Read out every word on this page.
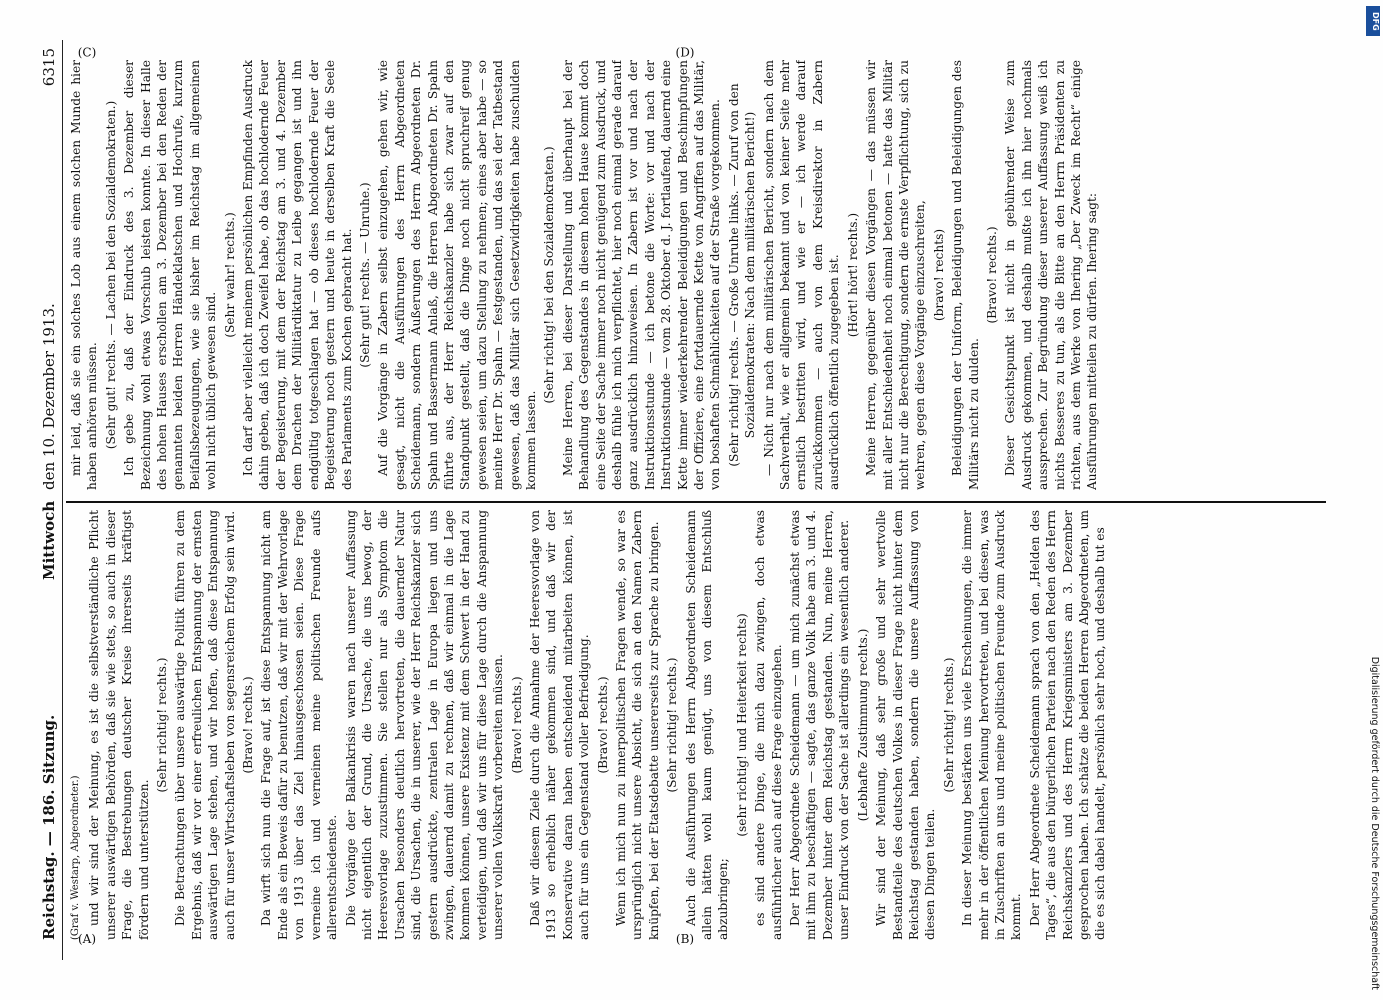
Reichstag. — 186. Sitzung.
Mittwoch
den 10. Dezember 1913.
6315
(A)	(B)
(C)	(D)

(Graf v. Westarp, Abgeordneter.) und wir sind der Meinung, es ist die selbstverständliche Pflicht unserer auswärtigen Behörden, daß sie wie stets, so auch in dieser Frage, die Bestrebungen deutscher Kreise ihrerseits kräftigst fördern und unterstützen.

(Sehr richtig! rechts.) Die Betrachtungen über unsere auswärtige Politik führen zu dem Ergebnis, daß wir vor einer erfreulichen Entspannung der ernsten auswärtigen Lage stehen, und wir hoffen, daß diese Entspannung auch für unser Wirtschaftsleben von segensreichem Erfolg sein wird. (Bravo! rechts.) Da wirft sich nun die Frage auf, ist diese Entspannung nicht am Ende als ein Beweis dafür zu benutzen, daß wir mit der Wehrvorlage von 1913 über das Ziel hinausgeschossen seien. Diese Frage verneine ich und verneinen meine politischen Freunde aufs allerentschiedenste. Die Vorgänge der Balkankrisis waren nach unserer Auffassung nicht eigentlich der Grund, die Ursache, die uns bewog, der Heeresvorlage zuzustimmen. Sie stellen nur als Symptom die Ursachen besonders deutlich hervortreten, die dauernder Natur sind, die Ursachen, die in unserer, wie der Herr Reichskanzler sich gestern ausdrückte, zentralen Lage in Europa liegen und uns zwingen, dauernd damit zu rechnen, daß wir einmal in die Lage kommen können, unsere Existenz mit dem Schwert in der Hand zu verteidigen, und daß wir uns für diese Lage durch die Anspannung unserer vollen Volkskraft vorbereiten müssen. (Bravo! rechts.) Daß wir diesem Ziele durch die Annahme der Heeresvorlage von 1913 so erheblich näher gekommen sind, und daß wir der Konservative daran haben entscheidend mitarbeiten können, ist auch für uns ein Gegenstand voller Befriedigung. (Bravo! rechts.) Wenn ich mich nun zu innerpolitischen Fragen wende, so war es ursprünglich nicht unsere Absicht, die sich an den Namen Zabern knüpfen, bei der Etatsdebatte unsererseits zur Sprache zu bringen. (Sehr richtig! rechts.) Auch die Ausführungen des Herrn Abgeordneten Scheidemann allein hätten wohl kaum genügt, uns von diesem Entschluß abzubringen;

(sehr richtig! und Heiterkeit rechts) es sind andere Dinge, die mich dazu zwingen, doch etwas ausführlicher auch auf diese Frage einzugehen. Der Herr Abgeordnete Scheidemann — um mich zunächst etwas mit ihm zu beschäftigen — sagte, das ganze Volk habe am 3. und 4. Dezember hinter dem Reichstag gestanden. Nun, meine Herren, unser Eindruck von der Sache ist allerdings ein wesentlich anderer. (Lebhafte Zustimmung rechts.) Wir sind der Meinung, daß sehr große und sehr wertvolle Bestandteile des deutschen Volkes in dieser Frage nicht hinter dem Reichstag gestanden haben, sondern die unsere Auffassung von diesen Dingen teilen.

(Sehr richtig! rechts.) In dieser Meinung bestärken uns viele Erscheinungen, die immer mehr in der öffentlichen Meinung hervortreten, und bei diesen, was in Zuschriften an uns und meine politischen Freunde zum Ausdruck kommt. Der Herr Abgeordnete Scheidemann sprach von den „Helden des Tages“, die aus den bürgerlichen Parteien nach den Reden des Herrn Reichskanzlers und des Herrn Kriegsministers am 3. Dezember gesprochen haben. Ich schätze die beiden Herren Abgeordneten, um die es sich dabei handelt, persönlich sehr hoch, und deshalb tut es

mir leid, daß sie ein solches Lob aus einem solchen Munde hier haben anhören müssen. (Sehr gut! rechts. — Lachen bei den Sozialdemokraten.) Ich gebe zu, daß der Eindruck des 3. Dezember dieser Bezeichnung wohl etwas Vorschub leisten konnte. In dieser Halle des hohen Hauses erschollen am 3. Dezember bei den Reden der genannten beiden Herren Händeklatschen und Hochrufe, kurzum Beifallsbezeugungen, wie sie bisher im Reichstag im allgemeinen wohl nicht üblich gewesen sind.

(Sehr wahr! rechts.) Ich darf aber vielleicht meinem persönlichen Empfinden Ausdruck dahin geben, daß ich doch Zweifel habe, ob das hochlodernde Feuer der Begeisterung, mit dem der Reichstag am 3. und 4. Dezember dem Drachen der Militärdiktatur zu Leibe gegangen ist und ihn endgültig totgeschlagen hat — ob dieses hochlodernde Feuer der Begeisterung noch gestern und heute in derselben Kraft die Seele des Parlaments zum Kochen gebracht hat. (Sehr gut! rechts. — Unruhe.) Auf die Vorgänge in Zabern selbst einzugehen, gehen wir, wie gesagt, nicht die Ausführungen des Herrn Abgeordneten Scheidemann, sondern Äußerungen des Herrn Abgeordneten Dr. Spahn und Bassermann Anlaß, die Herren Abgeordneten Dr. Spahn führte aus, der Herr Reichskanzler habe sich zwar auf den Standpunkt gestellt, daß die Dinge noch nicht spruchreif genug gewesen seien, um dazu Stellung zu nehmen; eines aber habe — so meinte Herr Dr. Spahn — festgestanden, und das sei der Tatbestand gewesen, daß das Militär sich Gesetzwidrigkeiten habe zuschulden kommen lassen.

(Sehr richtig! bei den Sozialdemokraten.) Meine Herren, bei dieser Darstellung und überhaupt bei der Behandlung des Gegenstandes in diesem hohen Hause kommt doch eine Seite der Sache immer noch nicht genügend zum Ausdruck, und deshalb fühle ich mich verpflichtet, hier noch einmal gerade darauf ganz ausdrücklich hinzuweisen. In Zabern ist vor und nach der Instruktionsstunde — ich betone die Worte: vor und nach der Instruktionsstunde — vom 28. Oktober d. J. fortlaufend, dauernd eine Kette immer wiederkehrender Beleidigungen und Beschimpfungen der Offiziere, eine fortdauernde Kette von Angriffen auf das Militär, von boshaften Schmählichkeiten auf der Straße vorgekommen. (Sehr richtig! rechts. — Große Unruhe links. — Zuruf von den Sozialdemokraten: Nach dem militärischen Bericht!) — Nicht nur nach dem militärischen Bericht, sondern nach dem Sachverhalt, wie er allgemein bekannt und von keiner Seite mehr ernstlich bestritten wird, und wie er — ich werde darauf zurückkommen — auch von dem Kreisdirektor in Zabern ausdrücklich öffentlich zugegeben ist. (Hört! hört! rechts.) Meine Herren, gegenüber diesen Vorgängen — das müssen wir mit aller Entschiedenheit noch einmal betonen — hatte das Militär nicht nur die Berechtigung, sondern die ernste Verpflichtung, sich zu wehren, gegen diese Vorgänge einzuschreiten, (bravo! rechts) Beleidigungen der Uniform, Beleidigungen und Beleidigungen des Militärs nicht zu dulden.

(Bravo! rechts.) Dieser Gesichtspunkt ist nicht in gebührender Weise zum Ausdruck gekommen, und deshalb mußte ich ihn hier nochmals aussprechen. Zur Begründung dieser unserer Auffassung weiß ich nichts Besseres zu tun, als die Bitte an den Herrn Präsidenten zu richten, aus dem Werke von Ihering „Der Zweck im Recht“ einige Ausführungen mitteilen zu dürfen. Ihering sagt:

DFG
Digitalisierung gefördert durch die Deutsche Forschungsgemeinschaft
